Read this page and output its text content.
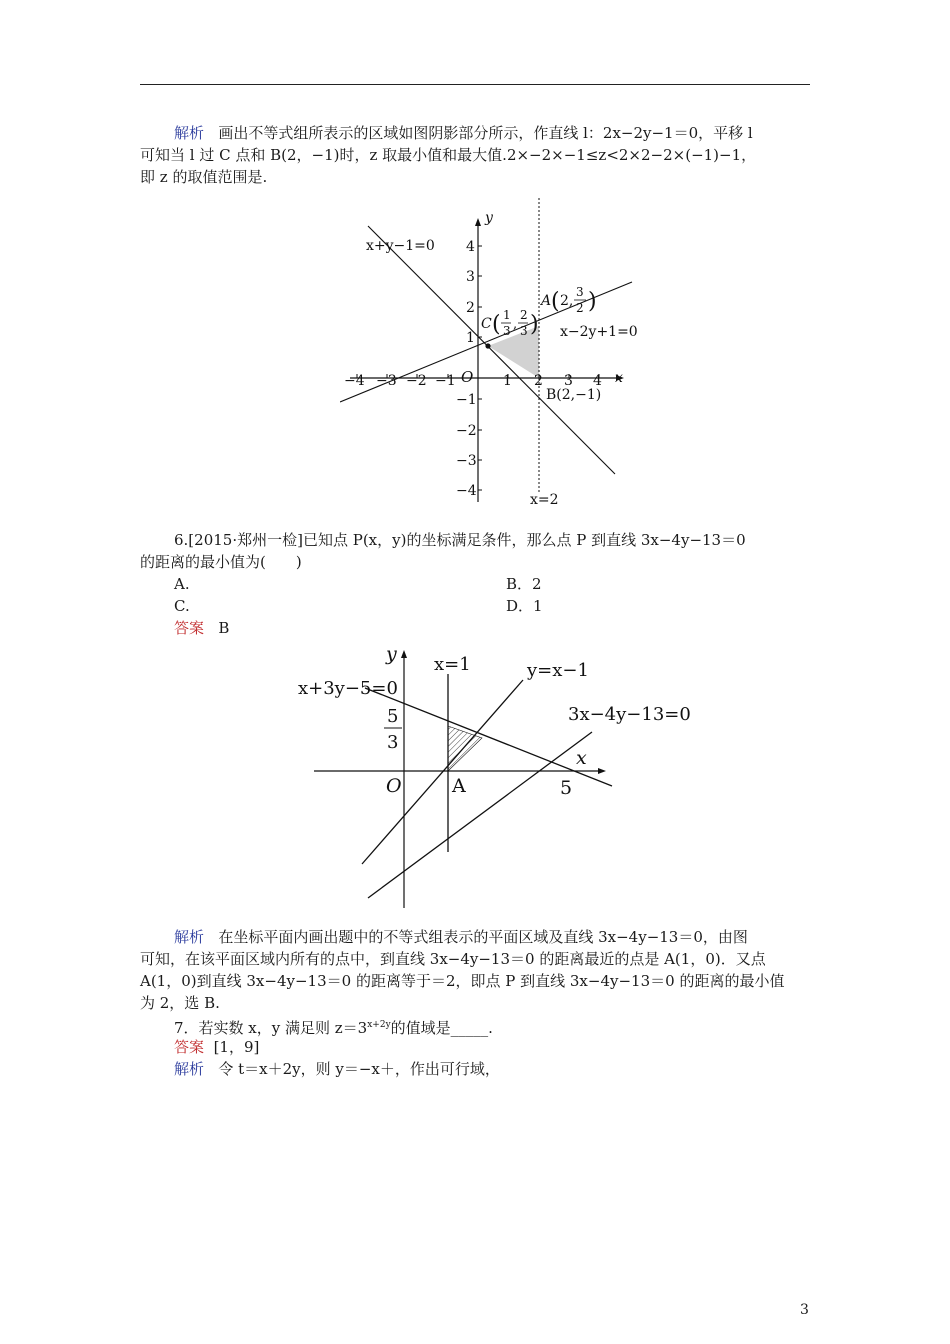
解析 画出不等式组所表示的区域如图阴影部分所示，作直线 l：2x−2y−1＝0，平移 l
可知当 l 过 C 点和 B(2，−1)时，z 取最小值和最大值.2×−2×−1≤z<2×2−2×(−1)−1，
即 z 的取值范围是.
x+y−1=0
x−2y+1=0
x=2
x
y
O
−4 −3 −2 −1	1 2 3 4
4
3
2
1
−1
−2
−3
−4
A ( 2,
3
2 )
C ( 1
3 ,
2
3 )
B(2,−1)
6.[2015·郑州一检]已知点 P(x，y)的坐标满足条件，那么点 P 到直线 3x−4y−13＝0
的距离的最小值为(　　)
A.	B．2
C.	D．1
答案 B
y
x
x=1	y=x−1
x+3y−5=0
3x−4y−13=0
5
3
O	A	5
解析 在坐标平面内画出题中的不等式组表示的平面区域及直线 3x−4y−13＝0，由图
可知，在该平面区域内所有的点中，到直线 3x−4y−13＝0 的距离最近的点是 A(1，0)．又点
A(1，0)到直线 3x−4y−13＝0 的距离等于＝2，即点 P 到直线 3x−4y−13＝0 的距离的最小值
为 2，选 B.
7．若实数 x，y 满足则 $z=3^{x+2y}$的值域是_____.
答案 [1，9]
解析 令 t＝x＋2y，则 y＝−x＋，作出可行域，
3
